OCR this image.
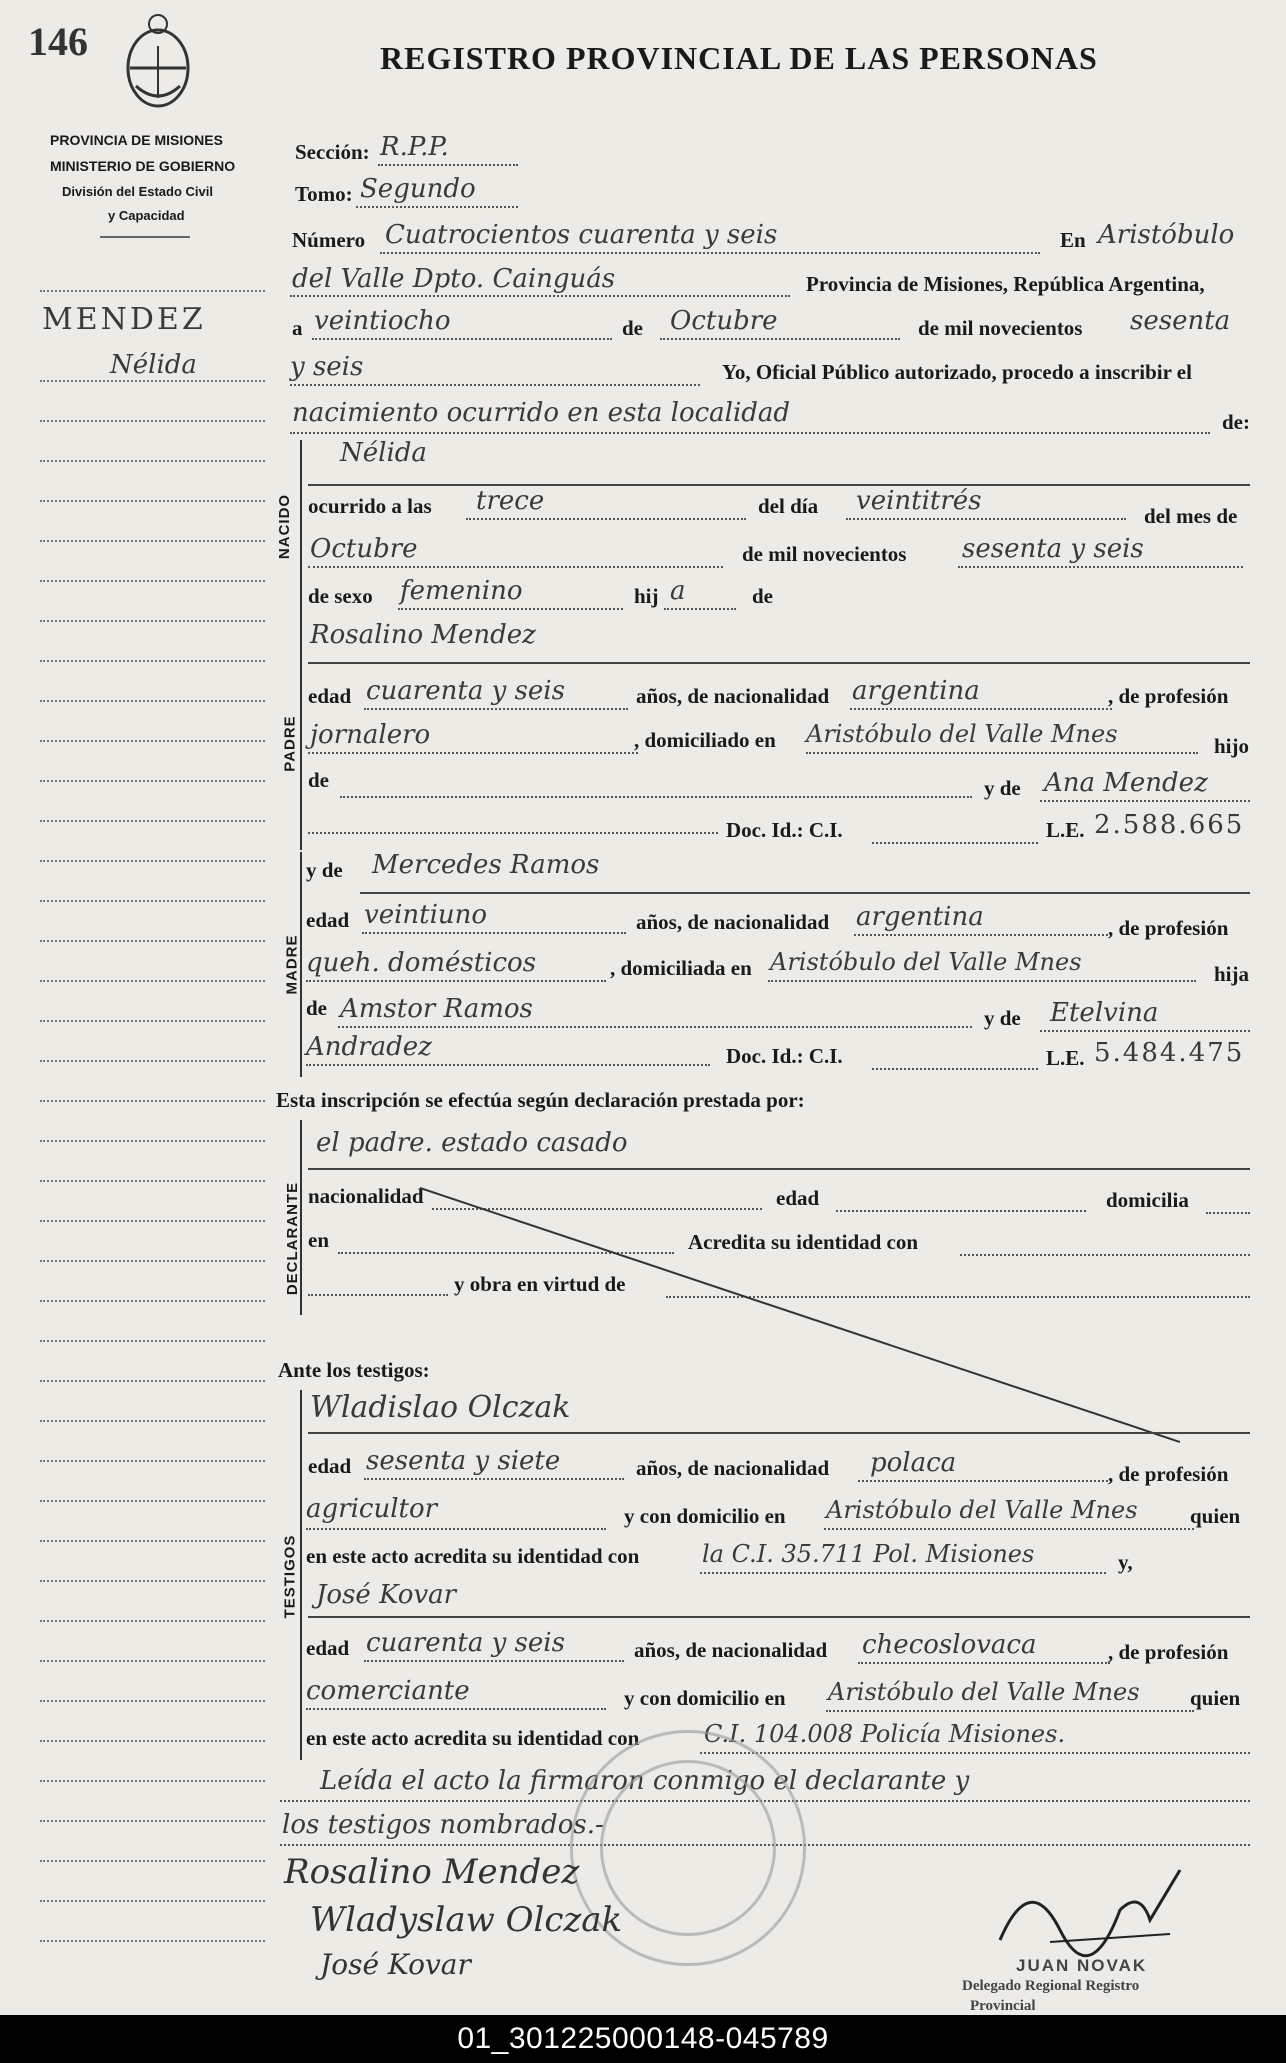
146	REGISTRO PROVINCIAL DE LAS PERSONAS
PROVINCIA DE MISIONES
MINISTERIO DE GOBIERNO
División del Estado Civil
y Capacidad
MENDEZ
Nélida
Sección: R.P.P.
Tomo: Segundo
Número Cuatrocientos cuarenta y seis	En Aristóbulo
del Valle Dpto. Cainguás	Provincia de Misiones, República Argentina,
a veintiocho	de Octubre	de mil novecientos sesenta
y seis	Yo, Oficial Público autorizado, procedo a inscribir el
nacimiento ocurrido en esta localidad	de:
NACIDO
Nélida
ocurrido a las trece	del día veintitrés	del mes de
Octubre	de mil novecientos sesenta y seis
de sexo femenino	hij a	de
PADRE
Rosalino Mendez
edad cuarenta y seis	años, de nacionalidad argentina	, de profesión
jornalero	, domiciliado en Aristóbulo del Valle Mnes	hijo
de	y de Ana Mendez
Doc. Id.: C.I.	L.E. 2.588.665
MADRE
y de Mercedes Ramos
edad veintiuno	años, de nacionalidad argentina	, de profesión
queh. domésticos	, domiciliada en Aristóbulo del Valle Mnes	hija
de Amstor Ramos	y de Etelvina
Andradez	Doc. Id.: C.I.	L.E. 5.484.475
Esta inscripción se efectúa según declaración prestada por:
DECLARANTE
el padre. estado casado
nacionalidad	edad	domicilia
en	Acredita su identidad con
y obra en virtud de
Ante los testigos:
TESTIGOS
Wladislao Olczak
edad sesenta y siete	años, de nacionalidad polaca	, de profesión
agricultor	y con domicilio en Aristóbulo del Valle Mnes quien
en este acto acredita su identidad con	la C.I. 35.711 Pol. Misiones	y,
José Kovar
edad cuarenta y seis	años, de nacionalidad checoslovaca	, de profesión
comerciante	y con domicilio en Aristóbulo del Valle Mnes quien
en este acto acredita su identidad con	C.I. 104.008 Policía Misiones.
Leída el acto la firmaron conmigo el declarante y
los testigos nombrados.-
Rosalino Mendez
Wladyslaw Olczak
José Kovar	JUAN NOVAK
Delegado Regional Registro
Provincial
01_301225000148-045789
